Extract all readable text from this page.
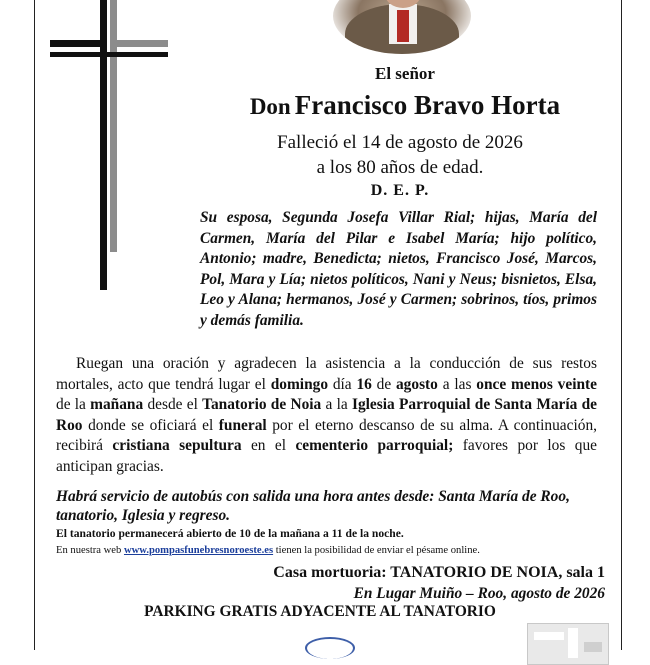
El señor
Don Francisco Bravo Horta
Falleció el 14 de agosto de 2026
a los 80 años de edad.
D. E. P.
Su esposa, Segunda Josefa Villar Rial; hijas, María del Carmen, María del Pilar e Isabel María; hijo político, Antonio; madre, Benedicta; nietos, Francisco José, Marcos, Pol, Mara y Lía; nietos políticos, Nani y Neus; bisnietos, Elsa, Leo y Alana; hermanos, José y Carmen; sobrinos, tíos, primos y demás familia.

Ruegan una oración y agradecen la asistencia a la conducción de sus restos mortales, acto que tendrá lugar el domingo día 16 de agosto a las once menos veinte de la mañana desde el Tanatorio de Noia a la Iglesia Parroquial de Santa María de Roo donde se oficiará el funeral por el eterno descanso de su alma. A continuación, recibirá cristiana sepultura en el cementerio parroquial; favores por los que anticipan gracias.

Habrá servicio de autobús con salida una hora antes desde: Santa María de Roo, tanatorio, Iglesia y regreso.
El tanatorio permanecerá abierto de 10 de la mañana a 11 de la noche.
En nuestra web www.pompasfunebresnoroeste.es tienen la posibilidad de enviar el pésame online.
Casa mortuoria: TANATORIO DE NOIA, sala 1
En Lugar Muiño – Roo, agosto de 2026
PARKING GRATIS ADYACENTE AL TANATORIO
